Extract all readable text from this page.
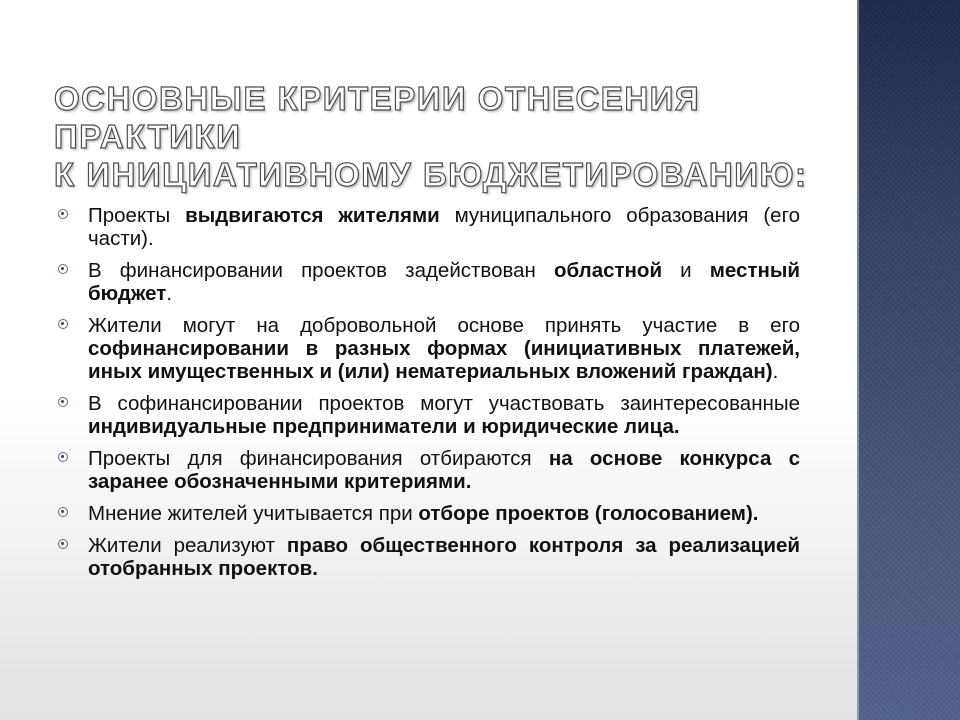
ОСНОВНЫЕ КРИТЕРИИ ОТНЕСЕНИЯ ПРАКТИКИ
К ИНИЦИАТИВНОМУ БЮДЖЕТИРОВАНИЮ:
Проекты выдвигаются жителями муниципального образования (его части).
В финансировании проектов задействован областной и местный бюджет.
Жители могут на добровольной основе принять участие в его софинансировании в разных формах (инициативных платежей, иных имущественных и (или) нематериальных вложений граждан).
В софинансировании проектов могут участвовать заинтересованные индивидуальные предприниматели и юридические лица.
Проекты для финансирования отбираются на основе конкурса с заранее обозначенными критериями.
Мнение жителей учитывается при отборе проектов (голосованием).
Жители реализуют право общественного контроля за реализацией отобранных проектов.
